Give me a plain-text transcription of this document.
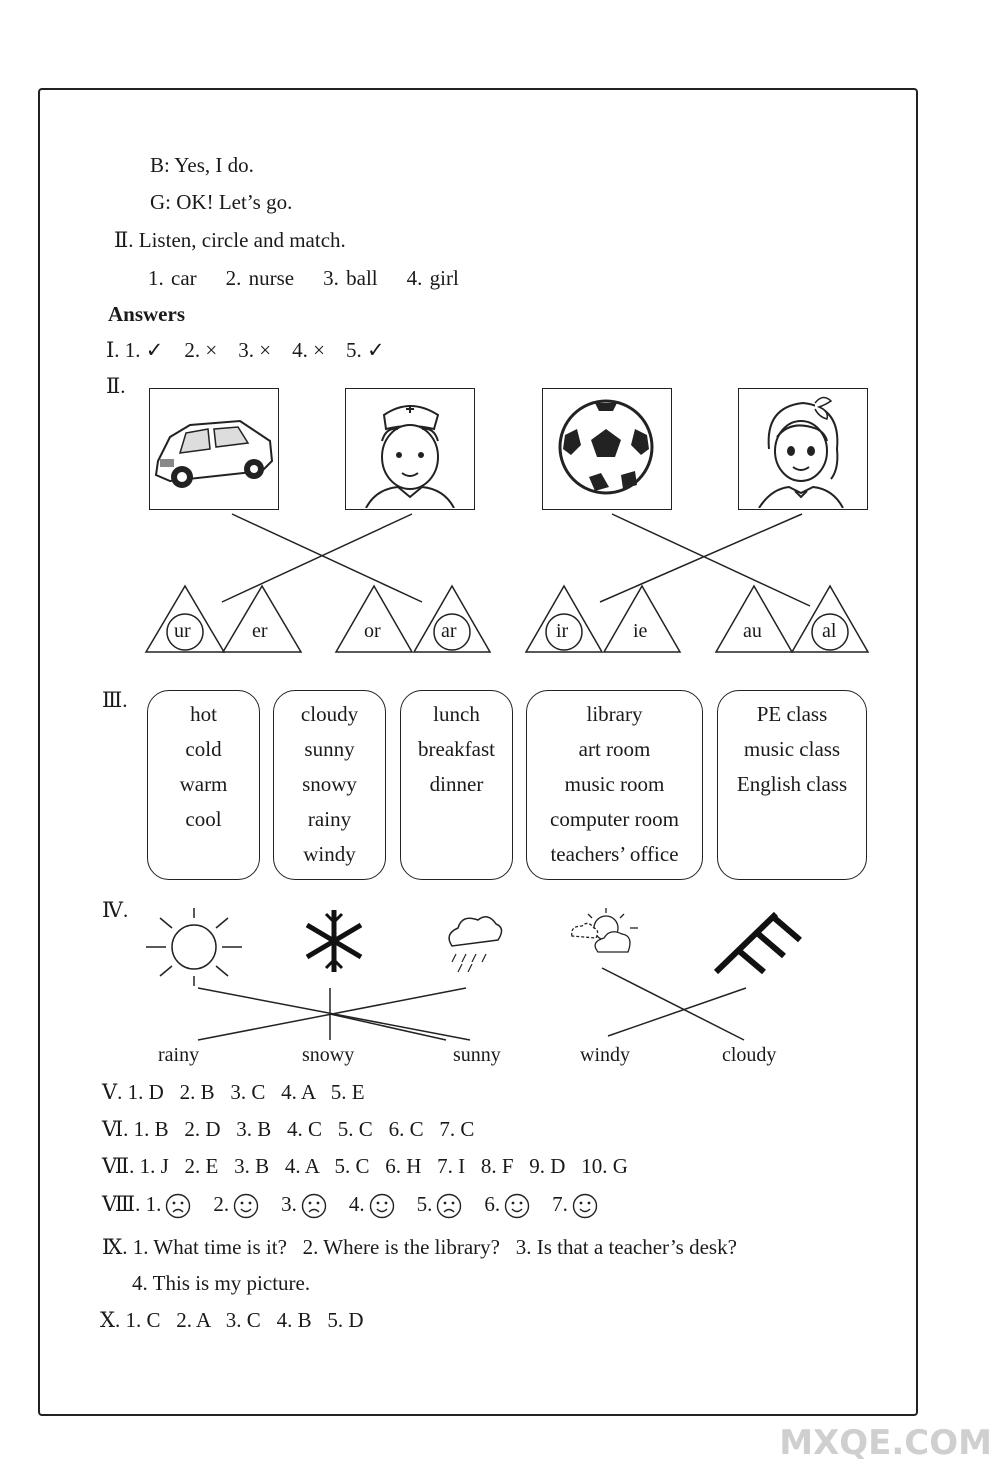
B: Yes, I do.
G: OK! Let’s go.
Ⅱ. Listen, circle and match.
1. car 2. nurse 3. ball 4. girl
Answers
Ⅰ. 1. ✓ 2. × 3. × 4. × 5. ✓
Ⅱ.
ur	er	or	ar	ir	ie	au	al
Ⅲ.
hot
cold
warm
cool
cloudy
sunny
snowy
rainy
windy
lunch
breakfast
dinner
library
art room
music room
computer room
teachers’ office
PE class
music class
English class
Ⅳ.
rainy	snowy	sunny	windy	cloudy
Ⅴ. 1. D   2. B   3. C   4. A   5. E
Ⅵ. 1. B   2. D   3. B   4. C   5. C   6. C   7. C
Ⅶ. 1. J   2. E   3. B   4. A   5. C   6. H   7. I   8. F   9. D   10. G
Ⅷ. 1. 2. 3. 4. 5. 6. 7.
Ⅸ. 1. What time is it?   2. Where is the library?   3. Is that a teacher’s desk?
4. This is my picture.
Ⅹ. 1. C   2. A   3. C   4. B   5. D
MXQE.COM
